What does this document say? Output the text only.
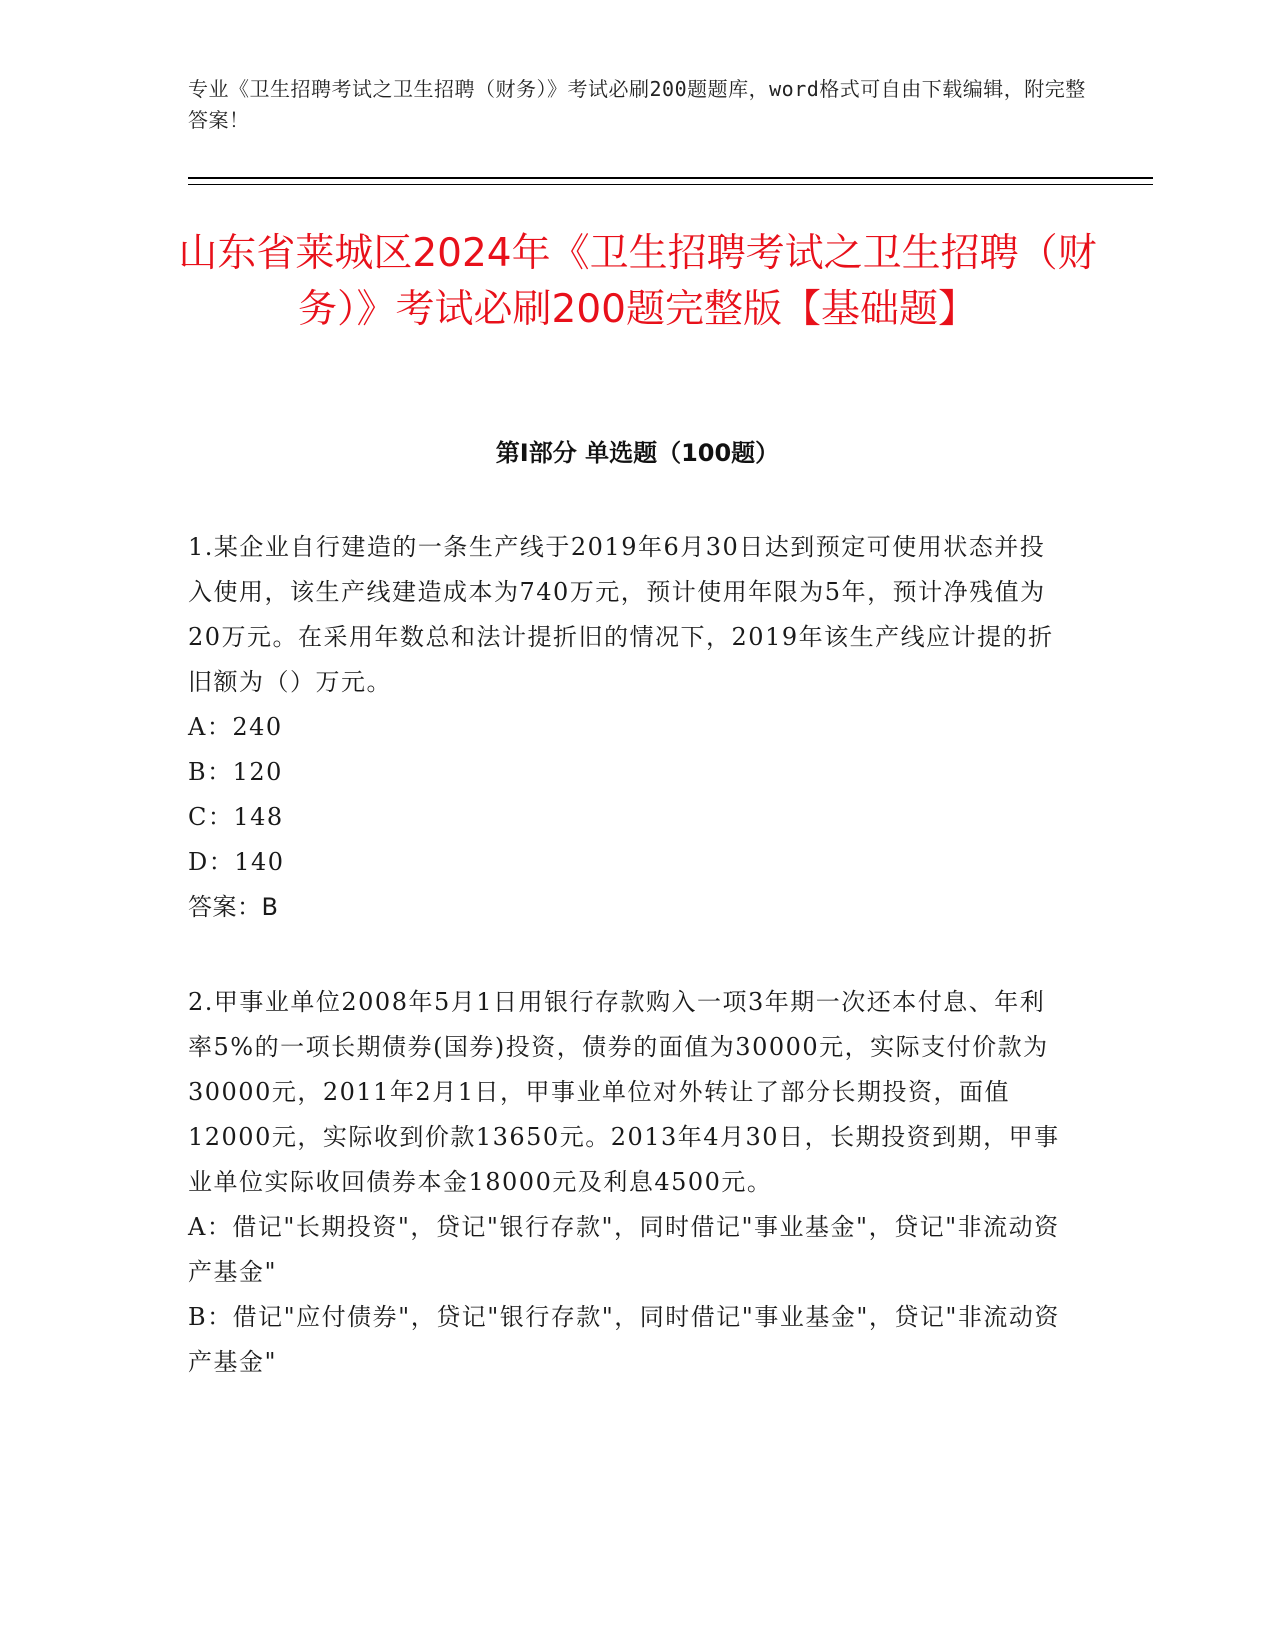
专业《卫生招聘考试之卫生招聘（财务）》考试必刷200题题库，word格式可自由下载编辑，附完整答案！
山东省莱城区2024年《卫生招聘考试之卫生招聘（财务）》考试必刷200题完整版【基础题】
第Ⅰ部分 单选题（100题）

1.某企业自行建造的一条生产线于2019年6月30日达到预定可使用状态并投入使用，该生产线建造成本为740万元，预计使用年限为5年，预计净残值为20万元。在采用年数总和法计提折旧的情况下，2019年该生产线应计提的折旧额为（）万元。

A：240

B：120

C：148

D：140

答案：B

2.甲事业单位2008年5月1日用银行存款购入一项3年期一次还本付息、年利率5%的一项长期债券(国券)投资，债券的面值为30000元，实际支付价款为30000元，2011年2月1日，甲事业单位对外转让了部分长期投资，面值12000元，实际收到价款13650元。2013年4月30日，长期投资到期，甲事业单位实际收回债券本金18000元及利息4500元。

A：借记"长期投资"，贷记"银行存款"，同时借记"事业基金"，贷记"非流动资产基金"

B：借记"应付债券"，贷记"银行存款"，同时借记"事业基金"，贷记"非流动资产基金"
